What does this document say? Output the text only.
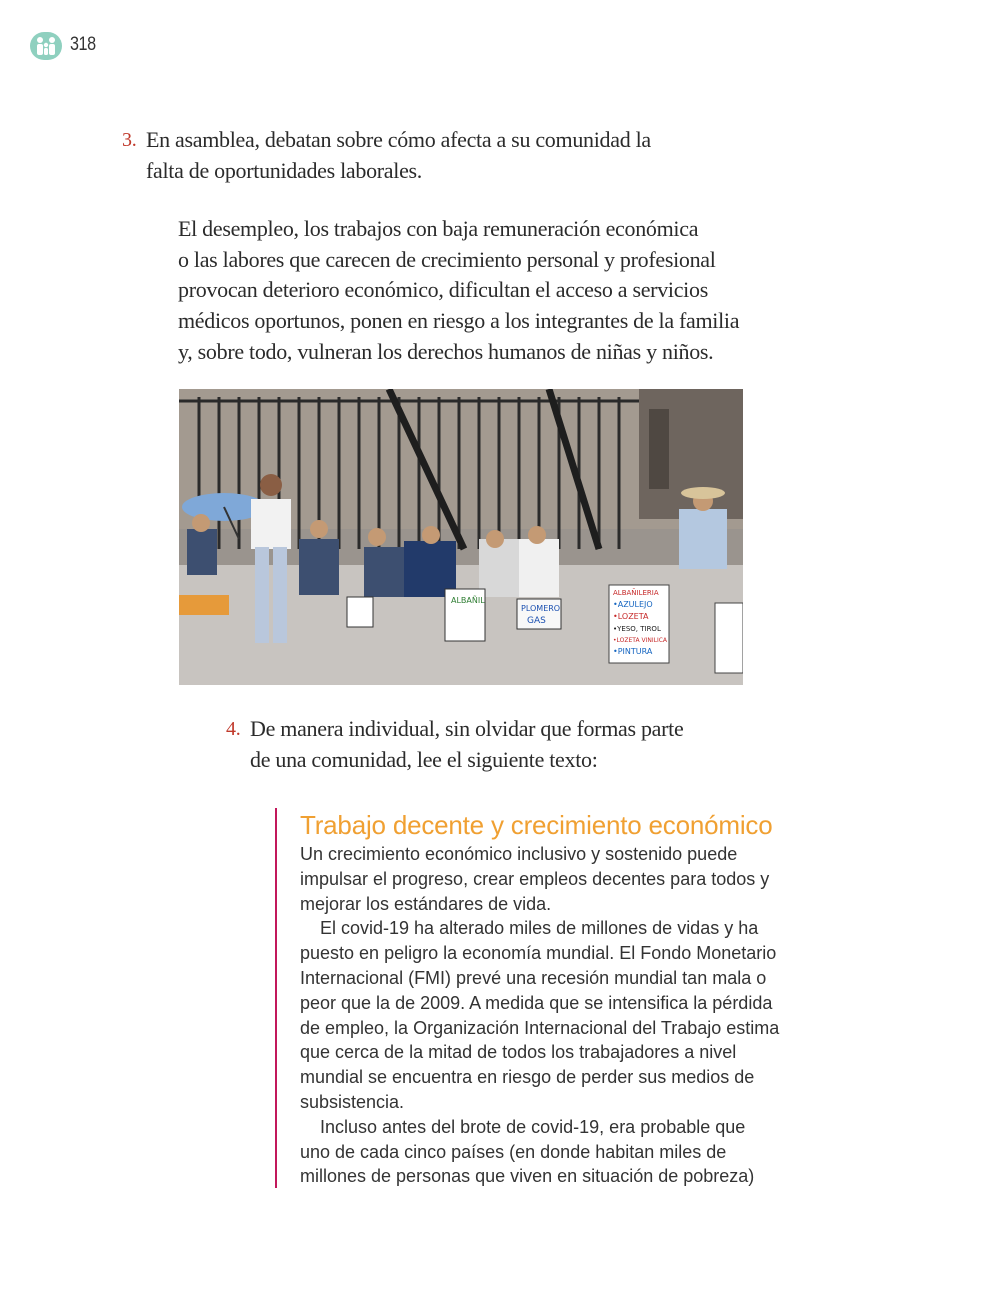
318
3. En asamblea, debatan sobre cómo afecta a su comunidad la
falta de oportunidades laborales.
El desempleo, los trabajos con baja remuneración económica
o las labores que carecen de crecimiento personal y profesional
provocan deterioro económico, dificultan el acceso a servicios
médicos oportunos, ponen en riesgo a los integrantes de la familia
y, sobre todo, vulneran los derechos humanos de niñas y niños.
ALBAÑIL
PLOMERO
GAS
ALBAÑILERIA
•AZULEJO
•LOZETA
•YESO, TIROL
•LOZETA VINILICA
•PINTURA
4. De manera individual, sin olvidar que formas parte
de una comunidad, lee el siguiente texto:
Trabajo decente y crecimiento económico
Un crecimiento económico inclusivo y sostenido puede
impulsar el progreso, crear empleos decentes para todos y
mejorar los estándares de vida.
El covid-19 ha alterado miles de millones de vidas y ha
puesto en peligro la economía mundial. El Fondo Monetario
Internacional (FMI) prevé una recesión mundial tan mala o
peor que la de 2009. A medida que se intensifica la pérdida
de empleo, la Organización Internacional del Trabajo estima
que cerca de la mitad de todos los trabajadores a nivel
mundial se encuentra en riesgo de perder sus medios de
subsistencia.
Incluso antes del brote de covid-19, era probable que
uno de cada cinco países (en donde habitan miles de
millones de personas que viven en situación de pobreza)
